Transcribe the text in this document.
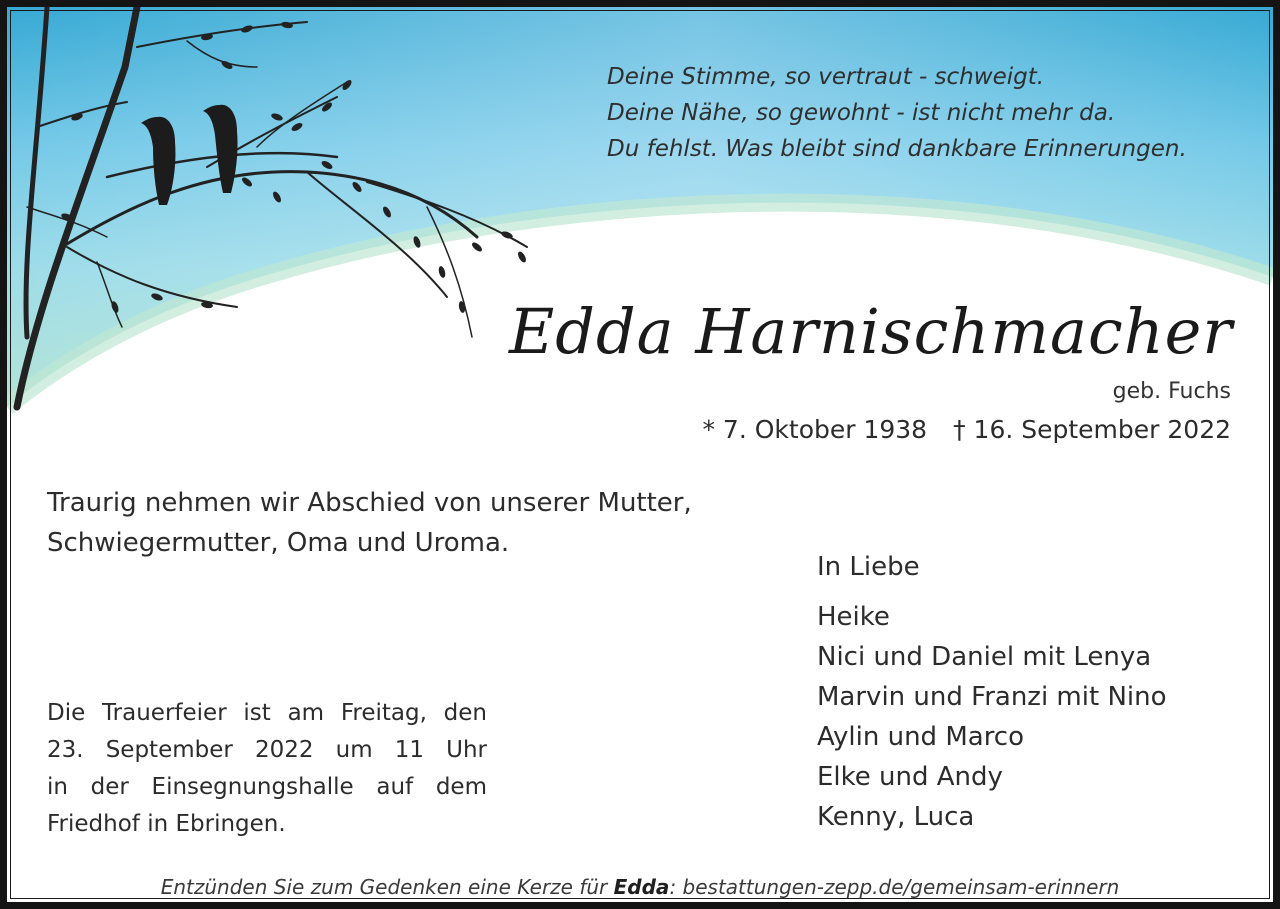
Deine Stimme, so vertraut - schweigt.
Deine Nähe, so gewohnt - ist nicht mehr da.
Du fehlst. Was bleibt sind dankbare Erinnerungen.
Edda Harnischmacher
geb. Fuchs
* 7. Oktober 1938 † 16. September 2022
Traurig nehmen wir Abschied von unserer Mutter,
Schwiegermutter, Oma und Uroma.
Die Trauerfeier ist am Freitag, den
23. September 2022 um 11 Uhr
in der Einsegnungshalle auf dem
Friedhof in Ebringen.
In Liebe
Heike
Nici und Daniel mit Lenya
Marvin und Franzi mit Nino
Aylin und Marco
Elke und Andy
Kenny, Luca
Entzünden Sie zum Gedenken eine Kerze für Edda: bestattungen-zepp.de/gemeinsam-erinnern
